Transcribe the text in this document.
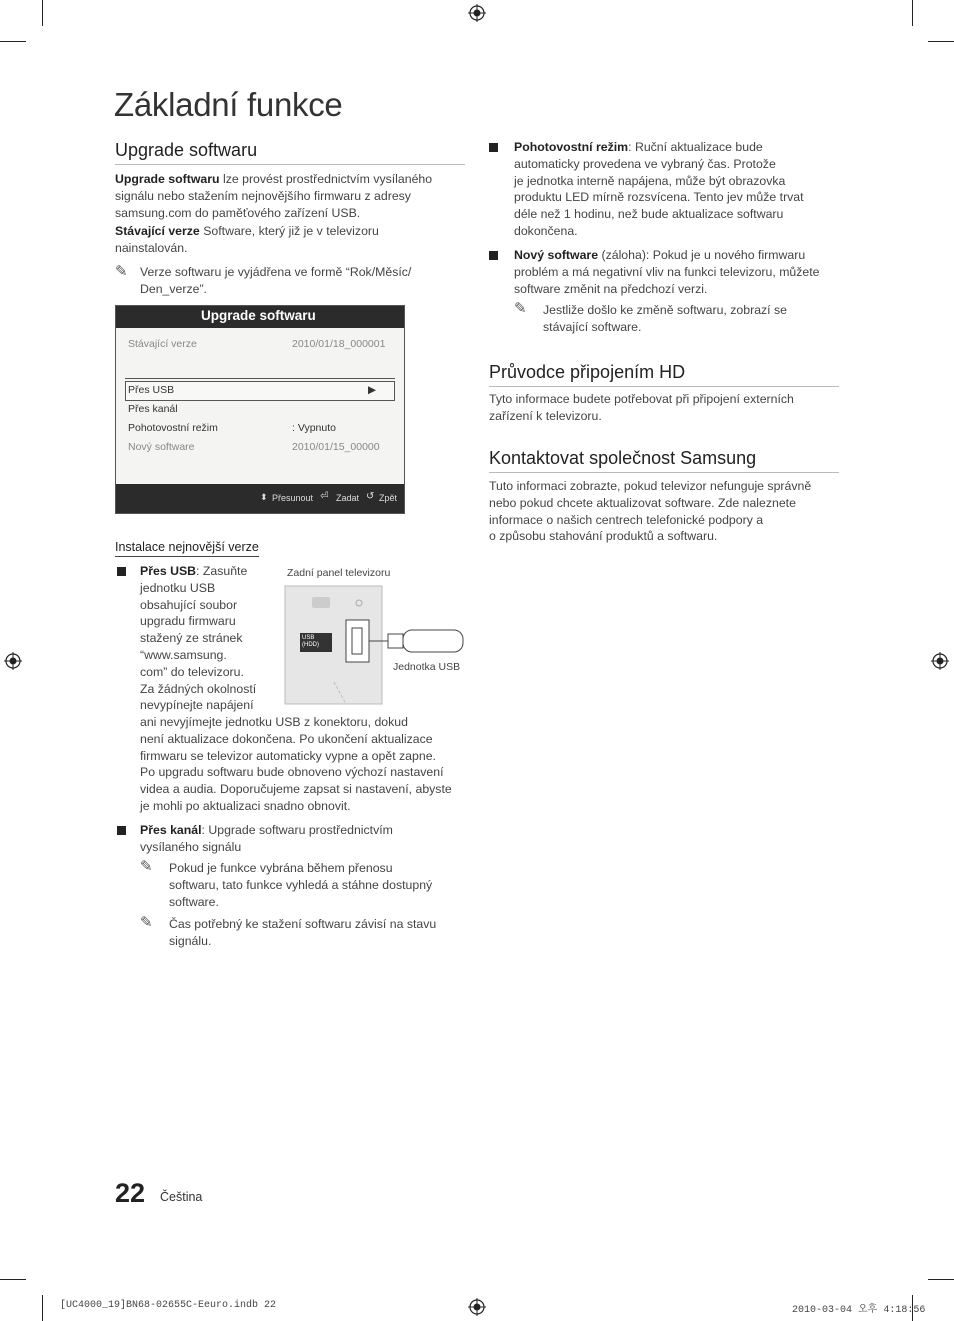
Základní funkce
Upgrade softwaru
Upgrade softwaru lze provést prostřednictvím vysílaného
signálu nebo stažením nejnovějšího firmwaru z adresy
samsung.com do paměťového zařízení USB.
Stávající verze Software, který již je v televizoru
nainstalován.
✎ Verze softwaru je vyjádřena ve formě “Rok/Měsíc/
Den_verze”.
Upgrade softwaru
Stávající verze	2010/01/18_000001
Přes USB	▶
Přes kanál
Pohotovostní režim	: Vypnuto
Nový software	2010/01/15_00000
⬍ Přesunout ⏎ Zadat ↺ Zpět
Instalace nejnovější verze
Přes USB: Zasuňte
jednotku USB
obsahující soubor
upgradu firmwaru
stažený ze stránek
“www.samsung.
com” do televizoru.
Za žádných okolností
nevypínejte napájení
ani nevyjímejte jednotku USB z konektoru, dokud
není aktualizace dokončena. Po ukončení aktualizace
firmwaru se televizor automaticky vypne a opět zapne.
Po upgradu softwaru bude obnoveno výchozí nastavení
videa a audia. Doporučujeme zapsat si nastavení, abyste
je mohli po aktualizaci snadno obnovit.
Zadní panel televizoru
USB
(HDD)
Jednotka USB
Přes kanál: Upgrade softwaru prostřednictvím
vysílaného signálu
✎ Pokud je funkce vybrána během přenosu
softwaru, tato funkce vyhledá a stáhne dostupný
software.
✎ Čas potřebný ke stažení softwaru závisí na stavu
signálu.
Pohotovostní režim: Ruční aktualizace bude
automaticky provedena ve vybraný čas. Protože
je jednotka interně napájena, může být obrazovka
produktu LED mírně rozsvícena. Tento jev může trvat
déle než 1 hodinu, než bude aktualizace softwaru
dokončena.
Nový software (záloha): Pokud je u nového firmwaru
problém a má negativní vliv na funkci televizoru, můžete
software změnit na předchozí verzi.
✎ Jestliže došlo ke změně softwaru, zobrazí se
stávající software.
Průvodce připojením HD
Tyto informace budete potřebovat při připojení externích
zařízení k televizoru.
Kontaktovat společnost Samsung
Tuto informaci zobrazte, pokud televizor nefunguje správně
nebo pokud chcete aktualizovat software. Zde naleznete
informace o našich centrech telefonické podpory a
o způsobu stahování produktů a softwaru.
22 Čeština
[UC4000_19]BN68-02655C-Eeuro.indb 22	2010-03-04 오후 4:18:56
